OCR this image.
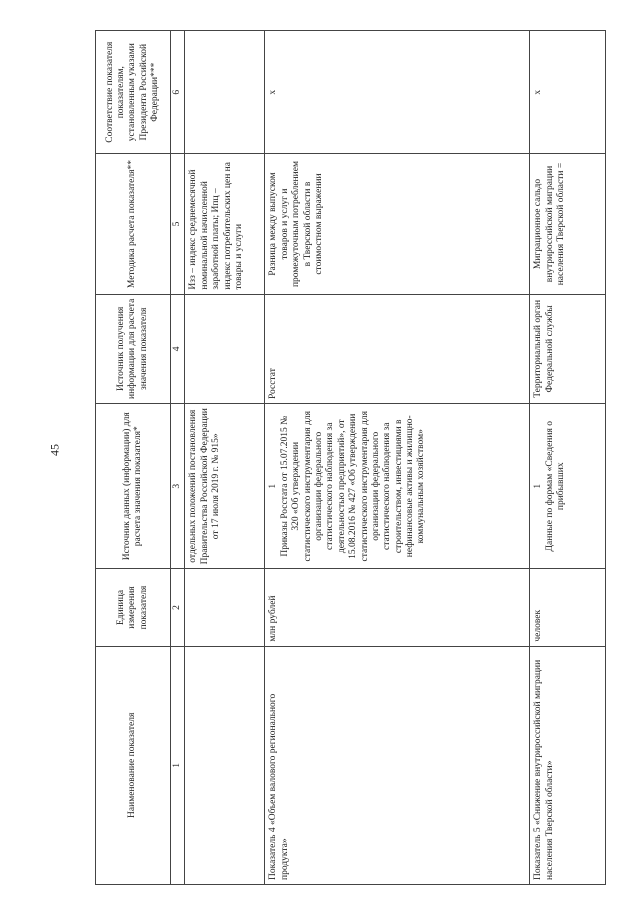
45
Наименование показателя	Единица измерения показателя	Источник данных (информации) для расчета значения показателя*	Источник получения информации для расчета значения показателя	Методика расчета показателя**	Соответствие показателя показателям, установленным указами Президента Российской Федерации***
1	2	3	4	5	6
		отдельных положений постановления Правительства Российской Федерации от 17 июля 2019 г. № 915»		Изз – индекс среднемесячной номинальной начисленной заработной платы; Ипц – индекс потребительских цен на товары и услуги	
Показатель 4 «Объем валового регионального продукта»	млн рублей	1 Приказы Росстата от 15.07.2015 № 320 «Об утверждении статистического инструментария для организации федерального статистического наблюдения за деятельностью предприятий», от 15.08.2016 № 427 «Об утверждении статистического инструментария для организации федерального статистического наблюдения за строительством, инвестициями в нефинансовые активы и жилищно-коммунальным хозяйством»	Росстат	Разница между выпуском товаров и услуг и промежуточным потреблением в Тверской области в стоимостном выражении	х
Показатель 5 «Снижение внутрироссийской миграции населения Тверской области»	человек	1 Данные по формам «Сведения о прибывших	Территориальный орган Федеральной службы	Миграционное сальдо внутрироссийской миграции населения Тверской области =	х
